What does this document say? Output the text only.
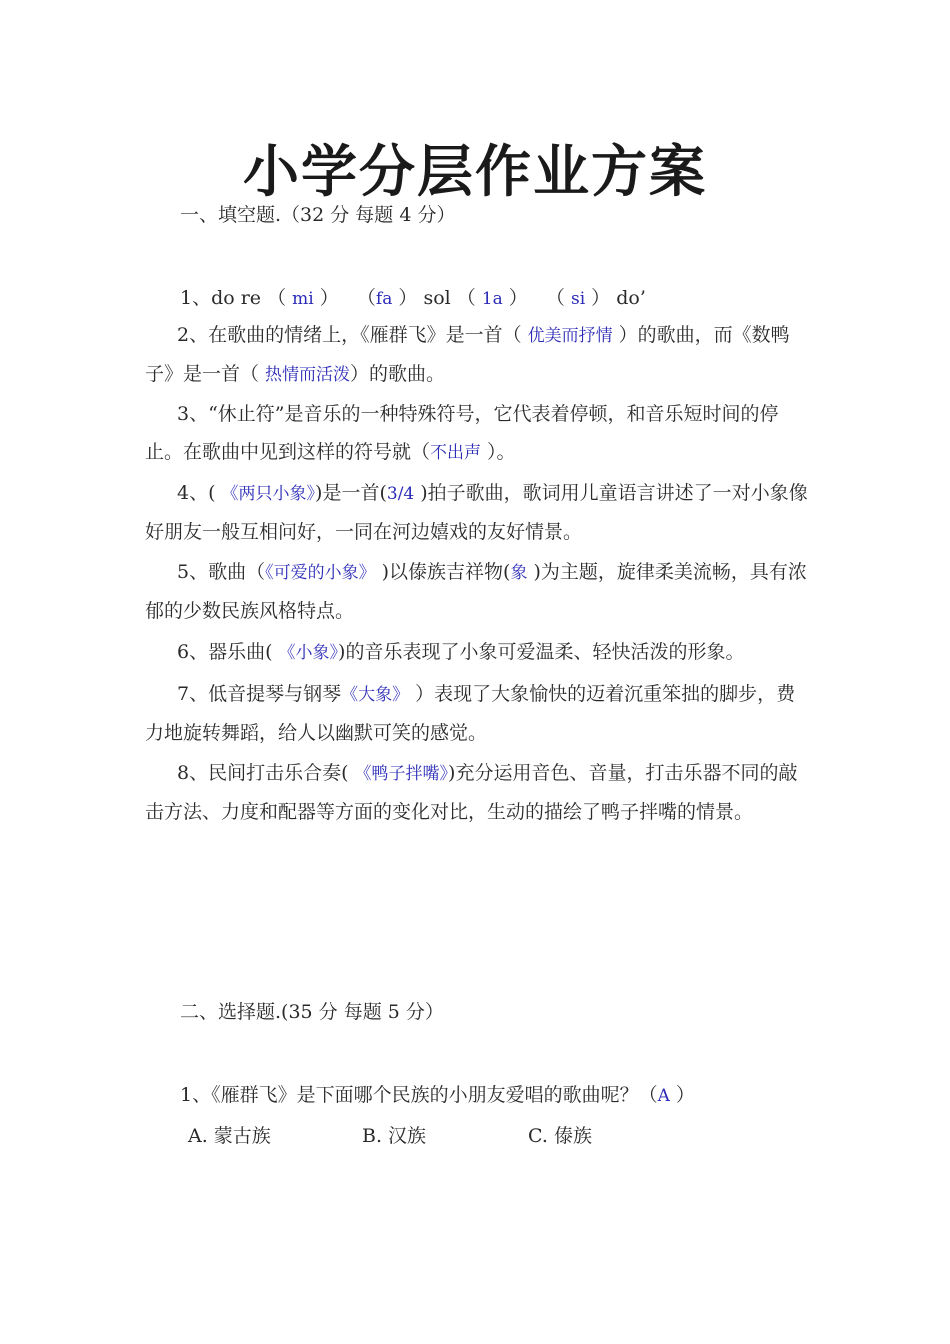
小学分层作业方案
一、填空题.（32 分 每题 4 分）
1、do re （ mi ） （fa ） sol （ 1a ） （ si ） do’
2、在歌曲的情绪上，《雁群飞》是一首（ 优美而抒情 ）的歌曲，而《数鸭子》是一首（ 热情而活泼）的歌曲。
3、“休止符”是音乐的一种特殊符号，它代表着停顿，和音乐短时间的停止。在歌曲中见到这样的符号就（不出声 ）。
4、( 《两只小象》)是一首(3/4 )拍子歌曲，歌词用儿童语言讲述了一对小象像好朋友一般互相问好，一同在河边嬉戏的友好情景。
5、歌曲（《可爱的小象》 )以傣族吉祥物(象 )为主题，旋律柔美流畅，具有浓郁的少数民族风格特点。
6、器乐曲( 《小象》)的音乐表现了小象可爱温柔、轻快活泼的形象。
7、低音提琴与钢琴《大象》 ）表现了大象愉快的迈着沉重笨拙的脚步，费力地旋转舞蹈，给人以幽默可笑的感觉。
8、民间打击乐合奏( 《鸭子拌嘴》)充分运用音色、音量，打击乐器不同的敲击方法、力度和配器等方面的变化对比，生动的描绘了鸭子拌嘴的情景。
二、选择题.(35 分 每题 5 分）
1、《雁群飞》是下面哪个民族的小朋友爱唱的歌曲呢？（A ）
A. 蒙古族	B. 汉族	C. 傣族
